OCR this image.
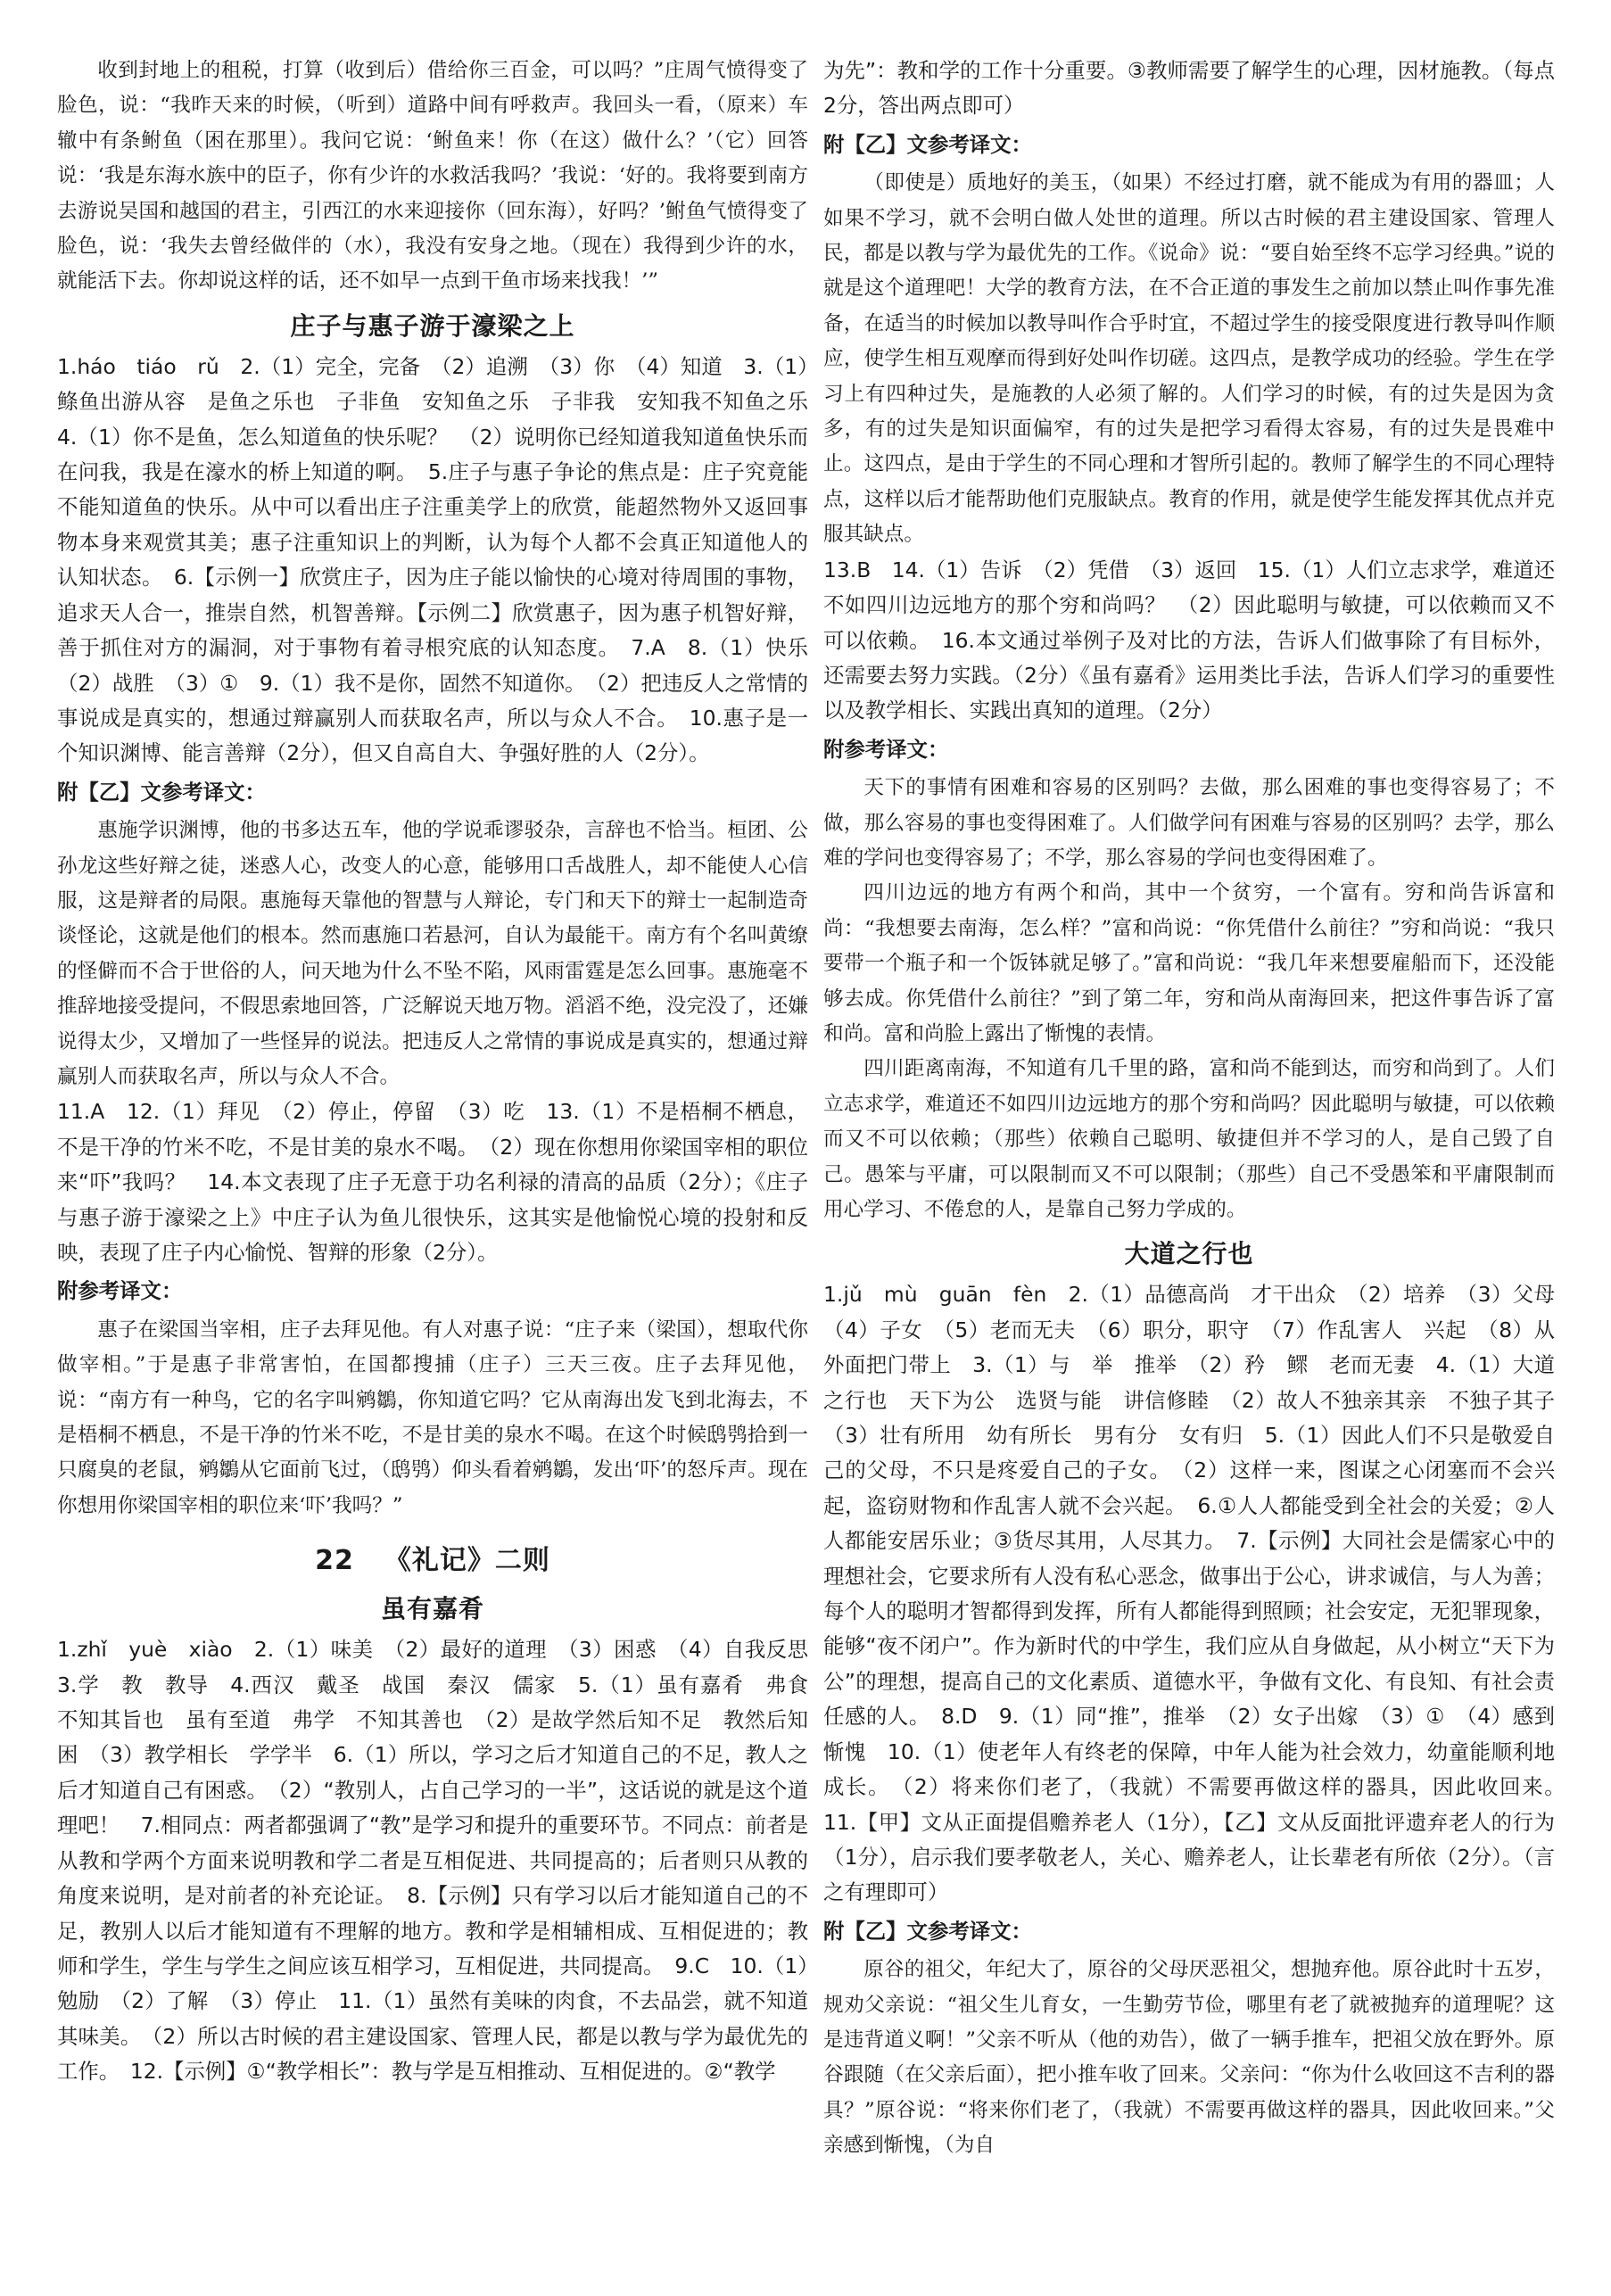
收到封地上的租税，打算（收到后）借给你三百金，可以吗？”庄周气愤得变了脸色，说：“我昨天来的时候，（听到）道路中间有呼救声。我回头一看，（原来）车辙中有条鲋鱼（困在那里）。我问它说：‘鲋鱼来！你（在这）做什么？’（它）回答说：‘我是东海水族中的臣子，你有少许的水救活我吗？’我说：‘好的。我将要到南方去游说吴国和越国的君主，引西江的水来迎接你（回东海），好吗？’鲋鱼气愤得变了脸色，说：‘我失去曾经做伴的（水），我没有安身之地。（现在）我得到少许的水，就能活下去。你却说这样的话，还不如早一点到干鱼市场来找我！’”

庄子与惠子游于濠梁之上

1.háo　tiáo　rǔ　2.（1）完全，完备　（2）追溯　（3）你　（4）知道　3.（1）鲦鱼出游从容　是鱼之乐也　子非鱼　安知鱼之乐　子非我　安知我不知鱼之乐　4.（1）你不是鱼，怎么知道鱼的快乐呢？　（2）说明你已经知道我知道鱼快乐而在问我，我是在濠水的桥上知道的啊。　5.庄子与惠子争论的焦点是：庄子究竟能不能知道鱼的快乐。从中可以看出庄子注重美学上的欣赏，能超然物外又返回事物本身来观赏其美；惠子注重知识上的判断，认为每个人都不会真正知道他人的认知状态。　6.【示例一】欣赏庄子，因为庄子能以愉快的心境对待周围的事物，追求天人合一，推崇自然，机智善辩。【示例二】欣赏惠子，因为惠子机智好辩，善于抓住对方的漏洞，对于事物有着寻根究底的认知态度。　7.A　8.（1）快乐　（2）战胜　（3）①　9.（1）我不是你，固然不知道你。　（2）把违反人之常情的事说成是真实的，想通过辩赢别人而获取名声，所以与众人不合。　10.惠子是一个知识渊博、能言善辩（2分），但又自高自大、争强好胜的人（2分）。

附【乙】文参考译文：

惠施学识渊博，他的书多达五车，他的学说乖谬驳杂，言辞也不恰当。桓团、公孙龙这些好辩之徒，迷惑人心，改变人的心意，能够用口舌战胜人，却不能使人心信服，这是辩者的局限。惠施每天靠他的智慧与人辩论，专门和天下的辩士一起制造奇谈怪论，这就是他们的根本。然而惠施口若悬河，自认为最能干。南方有个名叫黄缭的怪僻而不合于世俗的人，问天地为什么不坠不陷，风雨雷霆是怎么回事。惠施毫不推辞地接受提问，不假思索地回答，广泛解说天地万物。滔滔不绝，没完没了，还嫌说得太少，又增加了一些怪异的说法。把违反人之常情的事说成是真实的，想通过辩赢别人而获取名声，所以与众人不合。

11.A　12.（1）拜见　（2）停止，停留　（3）吃　13.（1）不是梧桐不栖息，不是干净的竹米不吃，不是甘美的泉水不喝。　（2）现在你想用你梁国宰相的职位来“吓”我吗？　14.本文表现了庄子无意于功名利禄的清高的品质（2分）；《庄子与惠子游于濠梁之上》中庄子认为鱼儿很快乐，这其实是他愉悦心境的投射和反映，表现了庄子内心愉悦、智辩的形象（2分）。

附参考译文：

惠子在梁国当宰相，庄子去拜见他。有人对惠子说：“庄子来（梁国），想取代你做宰相。”于是惠子非常害怕，在国都搜捕（庄子）三天三夜。庄子去拜见他，说：“南方有一种鸟，它的名字叫鹓鶵，你知道它吗？它从南海出发飞到北海去，不是梧桐不栖息，不是干净的竹米不吃，不是甘美的泉水不喝。在这个时候鸱鸮拾到一只腐臭的老鼠，鹓鶵从它面前飞过，（鸱鸮）仰头看着鹓鶵，发出‘吓’的怒斥声。现在你想用你梁国宰相的职位来‘吓’我吗？”

22 《礼记》二则
虽有嘉肴

1.zhǐ　yuè　xiào　2.（1）味美　（2）最好的道理　（3）困惑　（4）自我反思　3.学　教　教导　4.西汉　戴圣　战国　秦汉　儒家　5.（1）虽有嘉肴　弗食　不知其旨也　虽有至道　弗学　不知其善也　（2）是故学然后知不足　教然后知困　（3）教学相长　学学半　6.（1）所以，学习之后才知道自己的不足，教人之后才知道自己有困惑。　（2）“教别人，占自己学习的一半”，这话说的就是这个道理吧！　7.相同点：两者都强调了“教”是学习和提升的重要环节。不同点：前者是从教和学两个方面来说明教和学二者是互相促进、共同提高的；后者则只从教的角度来说明，是对前者的补充论证。　8.【示例】只有学习以后才能知道自己的不足，教别人以后才能知道有不理解的地方。教和学是相辅相成、互相促进的；教师和学生，学生与学生之间应该互相学习，互相促进，共同提高。　9.C　10.（1）勉励　（2）了解　（3）停止　11.（1）虽然有美味的肉食，不去品尝，就不知道其味美。　（2）所以古时候的君主建设国家、管理人民，都是以教与学为最优先的工作。　12.【示例】①“教学相长”：教与学是互相推动、互相促进的。②“教学

为先”：教和学的工作十分重要。③教师需要了解学生的心理，因材施教。（每点2分，答出两点即可）

附【乙】文参考译文：

（即使是）质地好的美玉，（如果）不经过打磨，就不能成为有用的器皿；人如果不学习，就不会明白做人处世的道理。所以古时候的君主建设国家、管理人民，都是以教与学为最优先的工作。《说命》说：“要自始至终不忘学习经典。”说的就是这个道理吧！大学的教育方法，在不合正道的事发生之前加以禁止叫作事先准备，在适当的时候加以教导叫作合乎时宜，不超过学生的接受限度进行教导叫作顺应，使学生相互观摩而得到好处叫作切磋。这四点，是教学成功的经验。学生在学习上有四种过失，是施教的人必须了解的。人们学习的时候，有的过失是因为贪多，有的过失是知识面偏窄，有的过失是把学习看得太容易，有的过失是畏难中止。这四点，是由于学生的不同心理和才智所引起的。教师了解学生的不同心理特点，这样以后才能帮助他们克服缺点。教育的作用，就是使学生能发挥其优点并克服其缺点。

13.B　14.（1）告诉　（2）凭借　（3）返回　15.（1）人们立志求学，难道还不如四川边远地方的那个穷和尚吗？　（2）因此聪明与敏捷，可以依赖而又不可以依赖。　16.本文通过举例子及对比的方法，告诉人们做事除了有目标外，还需要去努力实践。（2分）《虽有嘉肴》运用类比手法，告诉人们学习的重要性以及教学相长、实践出真知的道理。（2分）

附参考译文：

天下的事情有困难和容易的区别吗？去做，那么困难的事也变得容易了；不做，那么容易的事也变得困难了。人们做学问有困难与容易的区别吗？去学，那么难的学问也变得容易了；不学，那么容易的学问也变得困难了。

四川边远的地方有两个和尚，其中一个贫穷，一个富有。穷和尚告诉富和尚：“我想要去南海，怎么样？”富和尚说：“你凭借什么前往？”穷和尚说：“我只要带一个瓶子和一个饭钵就足够了。”富和尚说：“我几年来想要雇船而下，还没能够去成。你凭借什么前往？”到了第二年，穷和尚从南海回来，把这件事告诉了富和尚。富和尚脸上露出了惭愧的表情。

四川距离南海，不知道有几千里的路，富和尚不能到达，而穷和尚到了。人们立志求学，难道还不如四川边远地方的那个穷和尚吗？因此聪明与敏捷，可以依赖而又不可以依赖；（那些）依赖自己聪明、敏捷但并不学习的人，是自己毁了自己。愚笨与平庸，可以限制而又不可以限制；（那些）自己不受愚笨和平庸限制而用心学习、不倦怠的人，是靠自己努力学成的。

大道之行也

1.jǔ　mù　guān　fèn　2.（1）品德高尚　才干出众　（2）培养　（3）父母　（4）子女　（5）老而无夫　（6）职分，职守　（7）作乱害人　兴起　（8）从外面把门带上　3.（1）与　举　推举　（2）矜　鳏　老而无妻　4.（1）大道之行也　天下为公　选贤与能　讲信修睦　（2）故人不独亲其亲　不独子其子　（3）壮有所用　幼有所长　男有分　女有归　5.（1）因此人们不只是敬爱自己的父母，不只是疼爱自己的子女。　（2）这样一来，图谋之心闭塞而不会兴起，盗窃财物和作乱害人就不会兴起。　6.①人人都能受到全社会的关爱；②人人都能安居乐业；③货尽其用，人尽其力。　7.【示例】大同社会是儒家心中的理想社会，它要求所有人没有私心恶念，做事出于公心，讲求诚信，与人为善；每个人的聪明才智都得到发挥，所有人都能得到照顾；社会安定，无犯罪现象，能够“夜不闭户”。作为新时代的中学生，我们应从自身做起，从小树立“天下为公”的理想，提高自己的文化素质、道德水平，争做有文化、有良知、有社会责任感的人。　8.D　9.（1）同“推”，推举　（2）女子出嫁　（3）①　（4）感到惭愧　10.（1）使老年人有终老的保障，中年人能为社会效力，幼童能顺利地成长。　（2）将来你们老了，（我就）不需要再做这样的器具，因此收回来。　11.【甲】文从正面提倡赡养老人（1分），【乙】文从反面批评遗弃老人的行为（1分），启示我们要孝敬老人，关心、赡养老人，让长辈老有所依（2分）。（言之有理即可）

附【乙】文参考译文：

原谷的祖父，年纪大了，原谷的父母厌恶祖父，想抛弃他。原谷此时十五岁，规劝父亲说：“祖父生儿育女，一生勤劳节俭，哪里有老了就被抛弃的道理呢？这是违背道义啊！”父亲不听从（他的劝告），做了一辆手推车，把祖父放在野外。原谷跟随（在父亲后面），把小推车收了回来。父亲问：“你为什么收回这不吉利的器具？”原谷说：“将来你们老了，（我就）不需要再做这样的器具，因此收回来。”父亲感到惭愧，（为自
